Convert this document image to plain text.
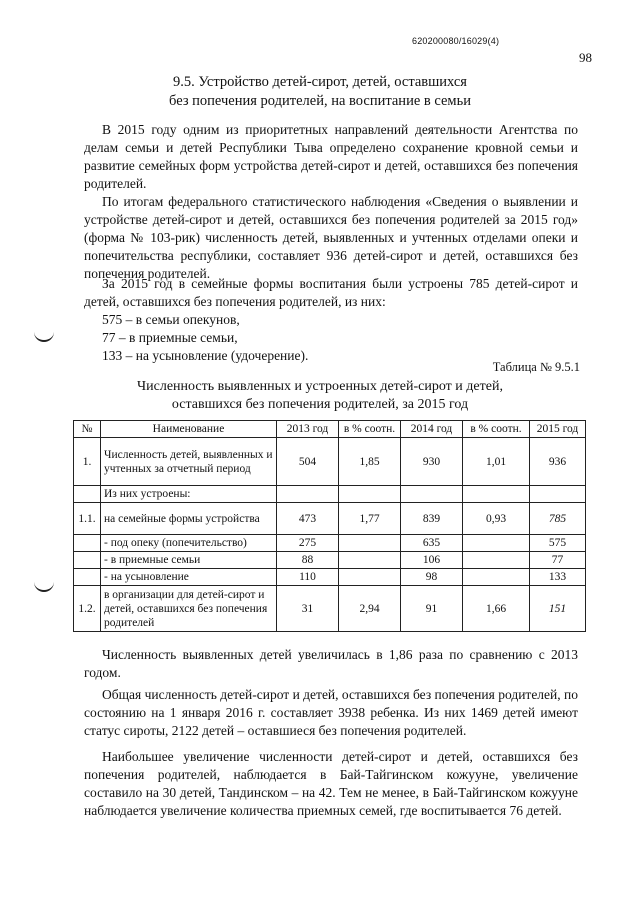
620200080/16029(4)
98
9.5. Устройство детей-сирот, детей, оставшихся
без попечения родителей, на воспитание в семьи
В 2015 году одним из приоритетных направлений деятельности Агентства по делам семьи и детей Республики Тыва определено сохранение кровной семьи и развитие семейных форм устройства детей-сирот и детей, оставшихся без попечения родителей.
По итогам федерального статистического наблюдения «Сведения о выявлении и устройстве детей-сирот и детей, оставшихся без попечения родителей за 2015 год» (форма № 103-рик) численность детей, выявленных и учтенных отделами опеки и попечительства республики, составляет 936 детей-сирот и детей, оставшихся без попечения родителей.
За 2015 год в семейные формы воспитания были устроены 785 детей-сирот и детей, оставшихся без попечения родителей, из них:
575 – в семьи опекунов,
77 – в приемные семьи,
133 – на усыновление (удочерение).
Таблица № 9.5.1
Численность выявленных и устроенных детей-сирот и детей,
оставшихся без попечения родителей, за 2015 год
№	Наименование	2013 год	в % соотн.	2014 год	в % соотн.	2015 год
1.	Численность детей, выявленных и учтенных за отчетный период	504	1,85	930	1,01	936
	Из них устроены:					
1.1.	на семейные формы устройства	473	1,77	839	0,93	785
	- под опеку (попечительство)	275		635		575
	- в приемные семьи	88		106		77
	- на усыновление	110		98		133
1.2.	в организации для детей-сирот и детей, оставшихся без попечения родителей	31	2,94	91	1,66	151
Численность выявленных детей увеличилась в 1,86 раза по сравнению с 2013 годом.
Общая численность детей-сирот и детей, оставшихся без попечения родителей, по состоянию на 1 января 2016 г. составляет 3938 ребенка. Из них 1469 детей имеют статус сироты, 2122 детей – оставшиеся без попечения родителей.
Наибольшее увеличение численности детей-сирот и детей, оставшихся без попечения родителей, наблюдается в Бай-Тайгинском кожууне, увеличение составило на 30 детей, Тандинском – на 42. Тем не менее, в Бай-Тайгинском кожууне наблюдается увеличение количества приемных семей, где воспитывается 76 детей.
